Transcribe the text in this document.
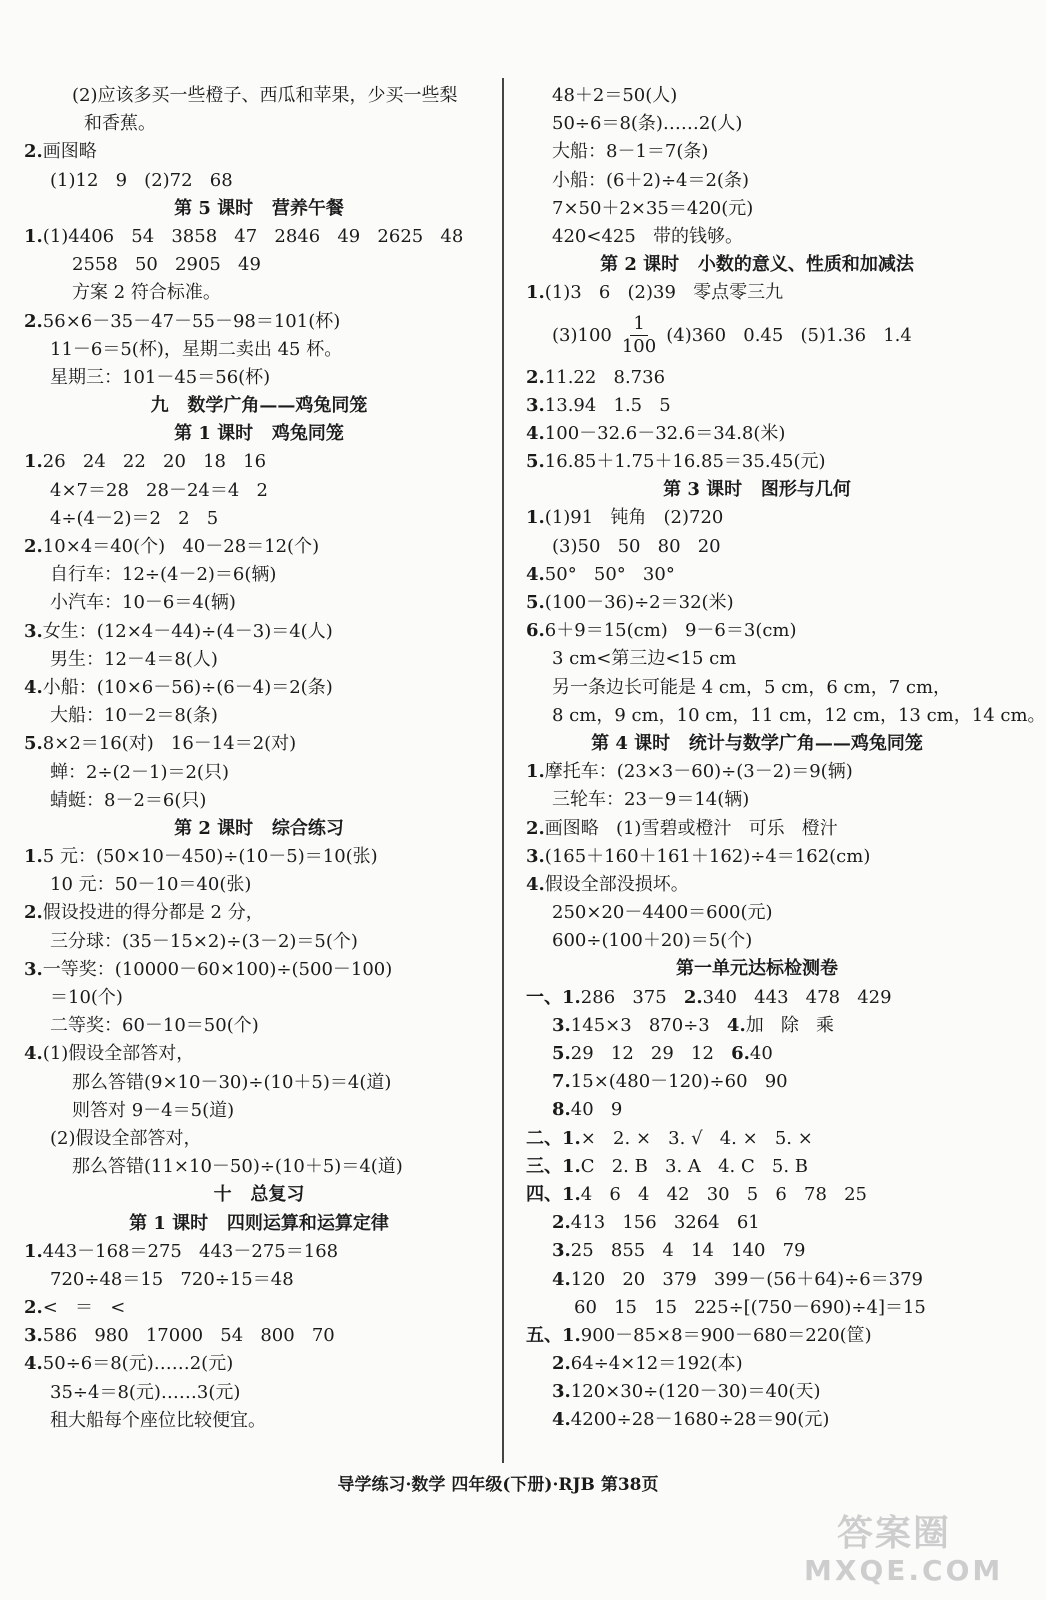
(2)应该多买一些橙子、西瓜和苹果，少买一些梨
和香蕉。
2.画图略
(1)12   9   (2)72   68
第 5 课时   营养午餐
1.(1)4406   54   3858   47   2846   49   2625   48
2558   50   2905   49
方案 2 符合标准。
2.56×6－35－47－55－98＝101(杯)
11－6＝5(杯)，星期二卖出 45 杯。
星期三：101－45＝56(杯)
九   数学广角——鸡兔同笼
第 1 课时   鸡兔同笼
1.26   24   22   20   18   16
4×7＝28   28－24＝4   2
4÷(4－2)＝2   2   5
2.10×4＝40(个)   40－28＝12(个)
自行车：12÷(4－2)＝6(辆)
小汽车：10－6＝4(辆)
3.女生：(12×4－44)÷(4－3)＝4(人)
男生：12－4＝8(人)
4.小船：(10×6－56)÷(6－4)＝2(条)
大船：10－2＝8(条)
5.8×2＝16(对)   16－14＝2(对)
蝉：2÷(2－1)＝2(只)
蜻蜓：8－2＝6(只)
第 2 课时   综合练习
1.5 元：(50×10－450)÷(10－5)＝10(张)
10 元：50－10＝40(张)
2.假设投进的得分都是 2 分，
三分球：(35－15×2)÷(3－2)＝5(个)
3.一等奖：(10000－60×100)÷(500－100)
＝10(个)
二等奖：60－10＝50(个)
4.(1)假设全部答对，
那么答错(9×10－30)÷(10＋5)＝4(道)
则答对 9－4＝5(道)
(2)假设全部答对，
那么答错(11×10－50)÷(10＋5)＝4(道)
十   总复习
第 1 课时   四则运算和运算定律
1.443－168＝275   443－275＝168
720÷48＝15   720÷15＝48
2.<   ＝   <
3.586   980   17000   54   800   70
4.50÷6＝8(元)……2(元)
35÷4＝8(元)……3(元)
租大船每个座位比较便宜。
48＋2＝50(人)
50÷6＝8(条)……2(人)
大船：8－1＝7(条)
小船：(6＋2)÷4＝2(条)
7×50＋2×35＝420(元)
420<425   带的钱够。
第 2 课时   小数的意义、性质和加减法
1.(1)3   6   (2)39   零点零三九
$(3)100 \frac{1}{100} (4)360$   0.45   (5)1.36   1.4
2.11.22   8.736
3.13.94   1.5   5
4.100－32.6－32.6＝34.8(米)
5.16.85＋1.75＋16.85＝35.45(元)
第 3 课时   图形与几何
1.(1)91   钝角   (2)720
(3)50   50   80   20
4.50°   50°   30°
5.(100－36)÷2＝32(米)
6.6＋9＝15(cm)   9－6＝3(cm)
3 cm<第三边<15 cm
另一条边长可能是 4 cm，5 cm，6 cm，7 cm，
8 cm，9 cm，10 cm，11 cm，12 cm，13 cm，14 cm。
第 4 课时   统计与数学广角——鸡兔同笼
1.摩托车：(23×3－60)÷(3－2)＝9(辆)
三轮车：23－9＝14(辆)
2.画图略   (1)雪碧或橙汁   可乐   橙汁
3.(165＋160＋161＋162)÷4＝162(cm)
4.假设全部没损坏。
250×20－4400＝600(元)
600÷(100＋20)＝5(个)
第一单元达标检测卷
一、1.286   375   2.340   443   478   429
3.145×3   870÷3   4.加   除   乘
5.29   12   29   12   6.40
7.15×(480－120)÷60   90
8.40   9
二、1.×   2. ×   3. √   4. ×   5. ×
三、1.C   2. B   3. A   4. C   5. B
四、1.4   6   4   42   30   5   6   78   25
2.413   156   3264   61
3.25   855   4   14   140   79
4.120   20   379   399－(56＋64)÷6＝379
60   15   15   225÷[(750－690)÷4]＝15
五、1.900－85×8＝900－680＝220(筐)
2.64÷4×12＝192(本)
3.120×30÷(120－30)＝40(天)
4.4200÷28－1680÷28＝90(元)
导学练习·数学 四年级(下册)·RJB 第38页
答案圈
MXQE.COM
